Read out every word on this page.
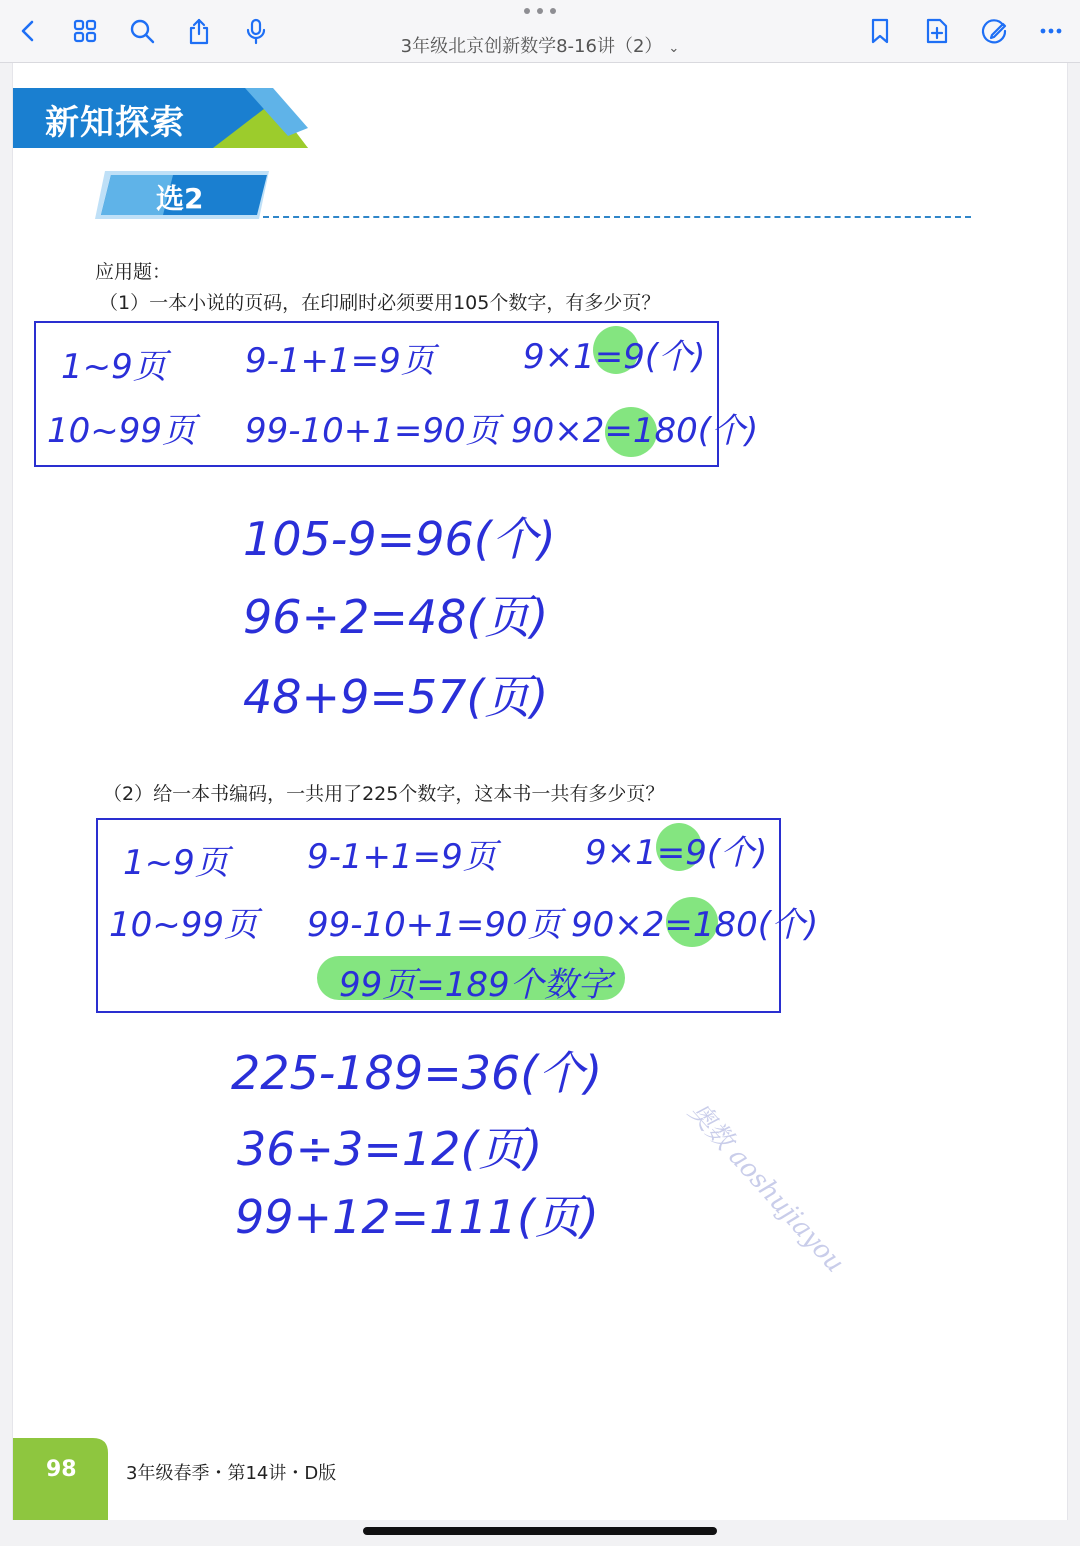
3年级北京创新数学8-16讲（2） ⌄
新知探索
选2
应用题：
（1）一本小说的页码，在印刷时必须要用105个数字，有多少页？
1~9页 9-1+1=9页	9×1=9(个)
10~99页 99-10+1=90页 90×2=180(个)
105-9=96(个)
96÷2=48(页)
48+9=57(页)
（2）给一本书编码，一共用了225个数字，这本书一共有多少页？
1~9页 9-1+1=9页	9×1=9(个)
10~99页 99-10+1=90页 90×2=180(个)
99页=189个数字
225-189=36(个)
36÷3=12(页)
99+12=111(页)	奥数 aoshujiayou
98	3年级春季・第14讲・D版
